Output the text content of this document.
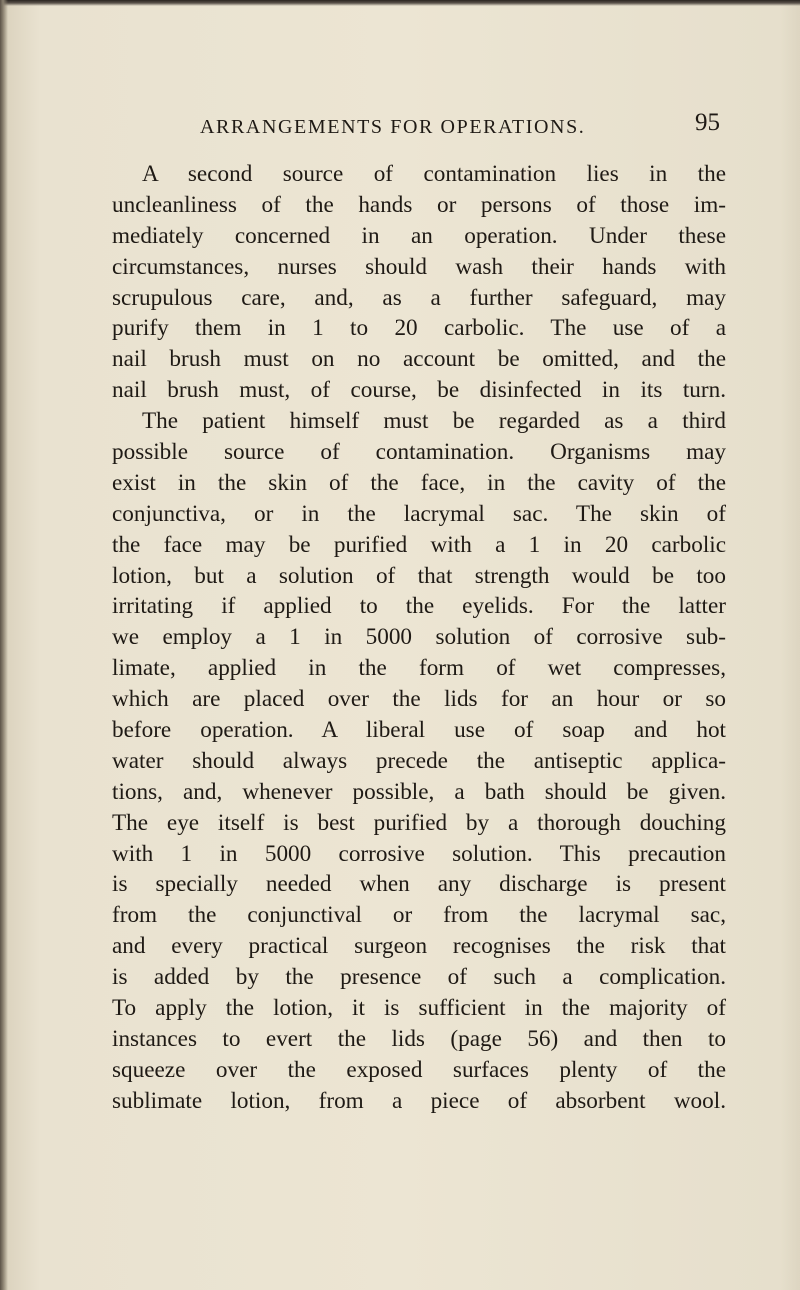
ARRANGEMENTS FOR OPERATIONS.	95
A second source of contamination lies in the
uncleanliness of the hands or persons of those im-
mediately concerned in an operation. Under these
circumstances, nurses should wash their hands with
scrupulous care, and, as a further safeguard, may
purify them in 1 to 20 carbolic. The use of a
nail brush must on no account be omitted, and the
nail brush must, of course, be disinfected in its turn.
The patient himself must be regarded as a third
possible source of contamination. Organisms may
exist in the skin of the face, in the cavity of the
conjunctiva, or in the lacrymal sac. The skin of
the face may be purified with a 1 in 20 carbolic
lotion, but a solution of that strength would be too
irritating if applied to the eyelids. For the latter
we employ a 1 in 5000 solution of corrosive sub-
limate, applied in the form of wet compresses,
which are placed over the lids for an hour or so
before operation. A liberal use of soap and hot
water should always precede the antiseptic applica-
tions, and, whenever possible, a bath should be given.
The eye itself is best purified by a thorough douching
with 1 in 5000 corrosive solution. This precaution
is specially needed when any discharge is present
from the conjunctival or from the lacrymal sac,
and every practical surgeon recognises the risk that
is added by the presence of such a complication.
To apply the lotion, it is sufficient in the majority of
instances to evert the lids (page 56) and then to
squeeze over the exposed surfaces plenty of the
sublimate lotion, from a piece of absorbent wool.
